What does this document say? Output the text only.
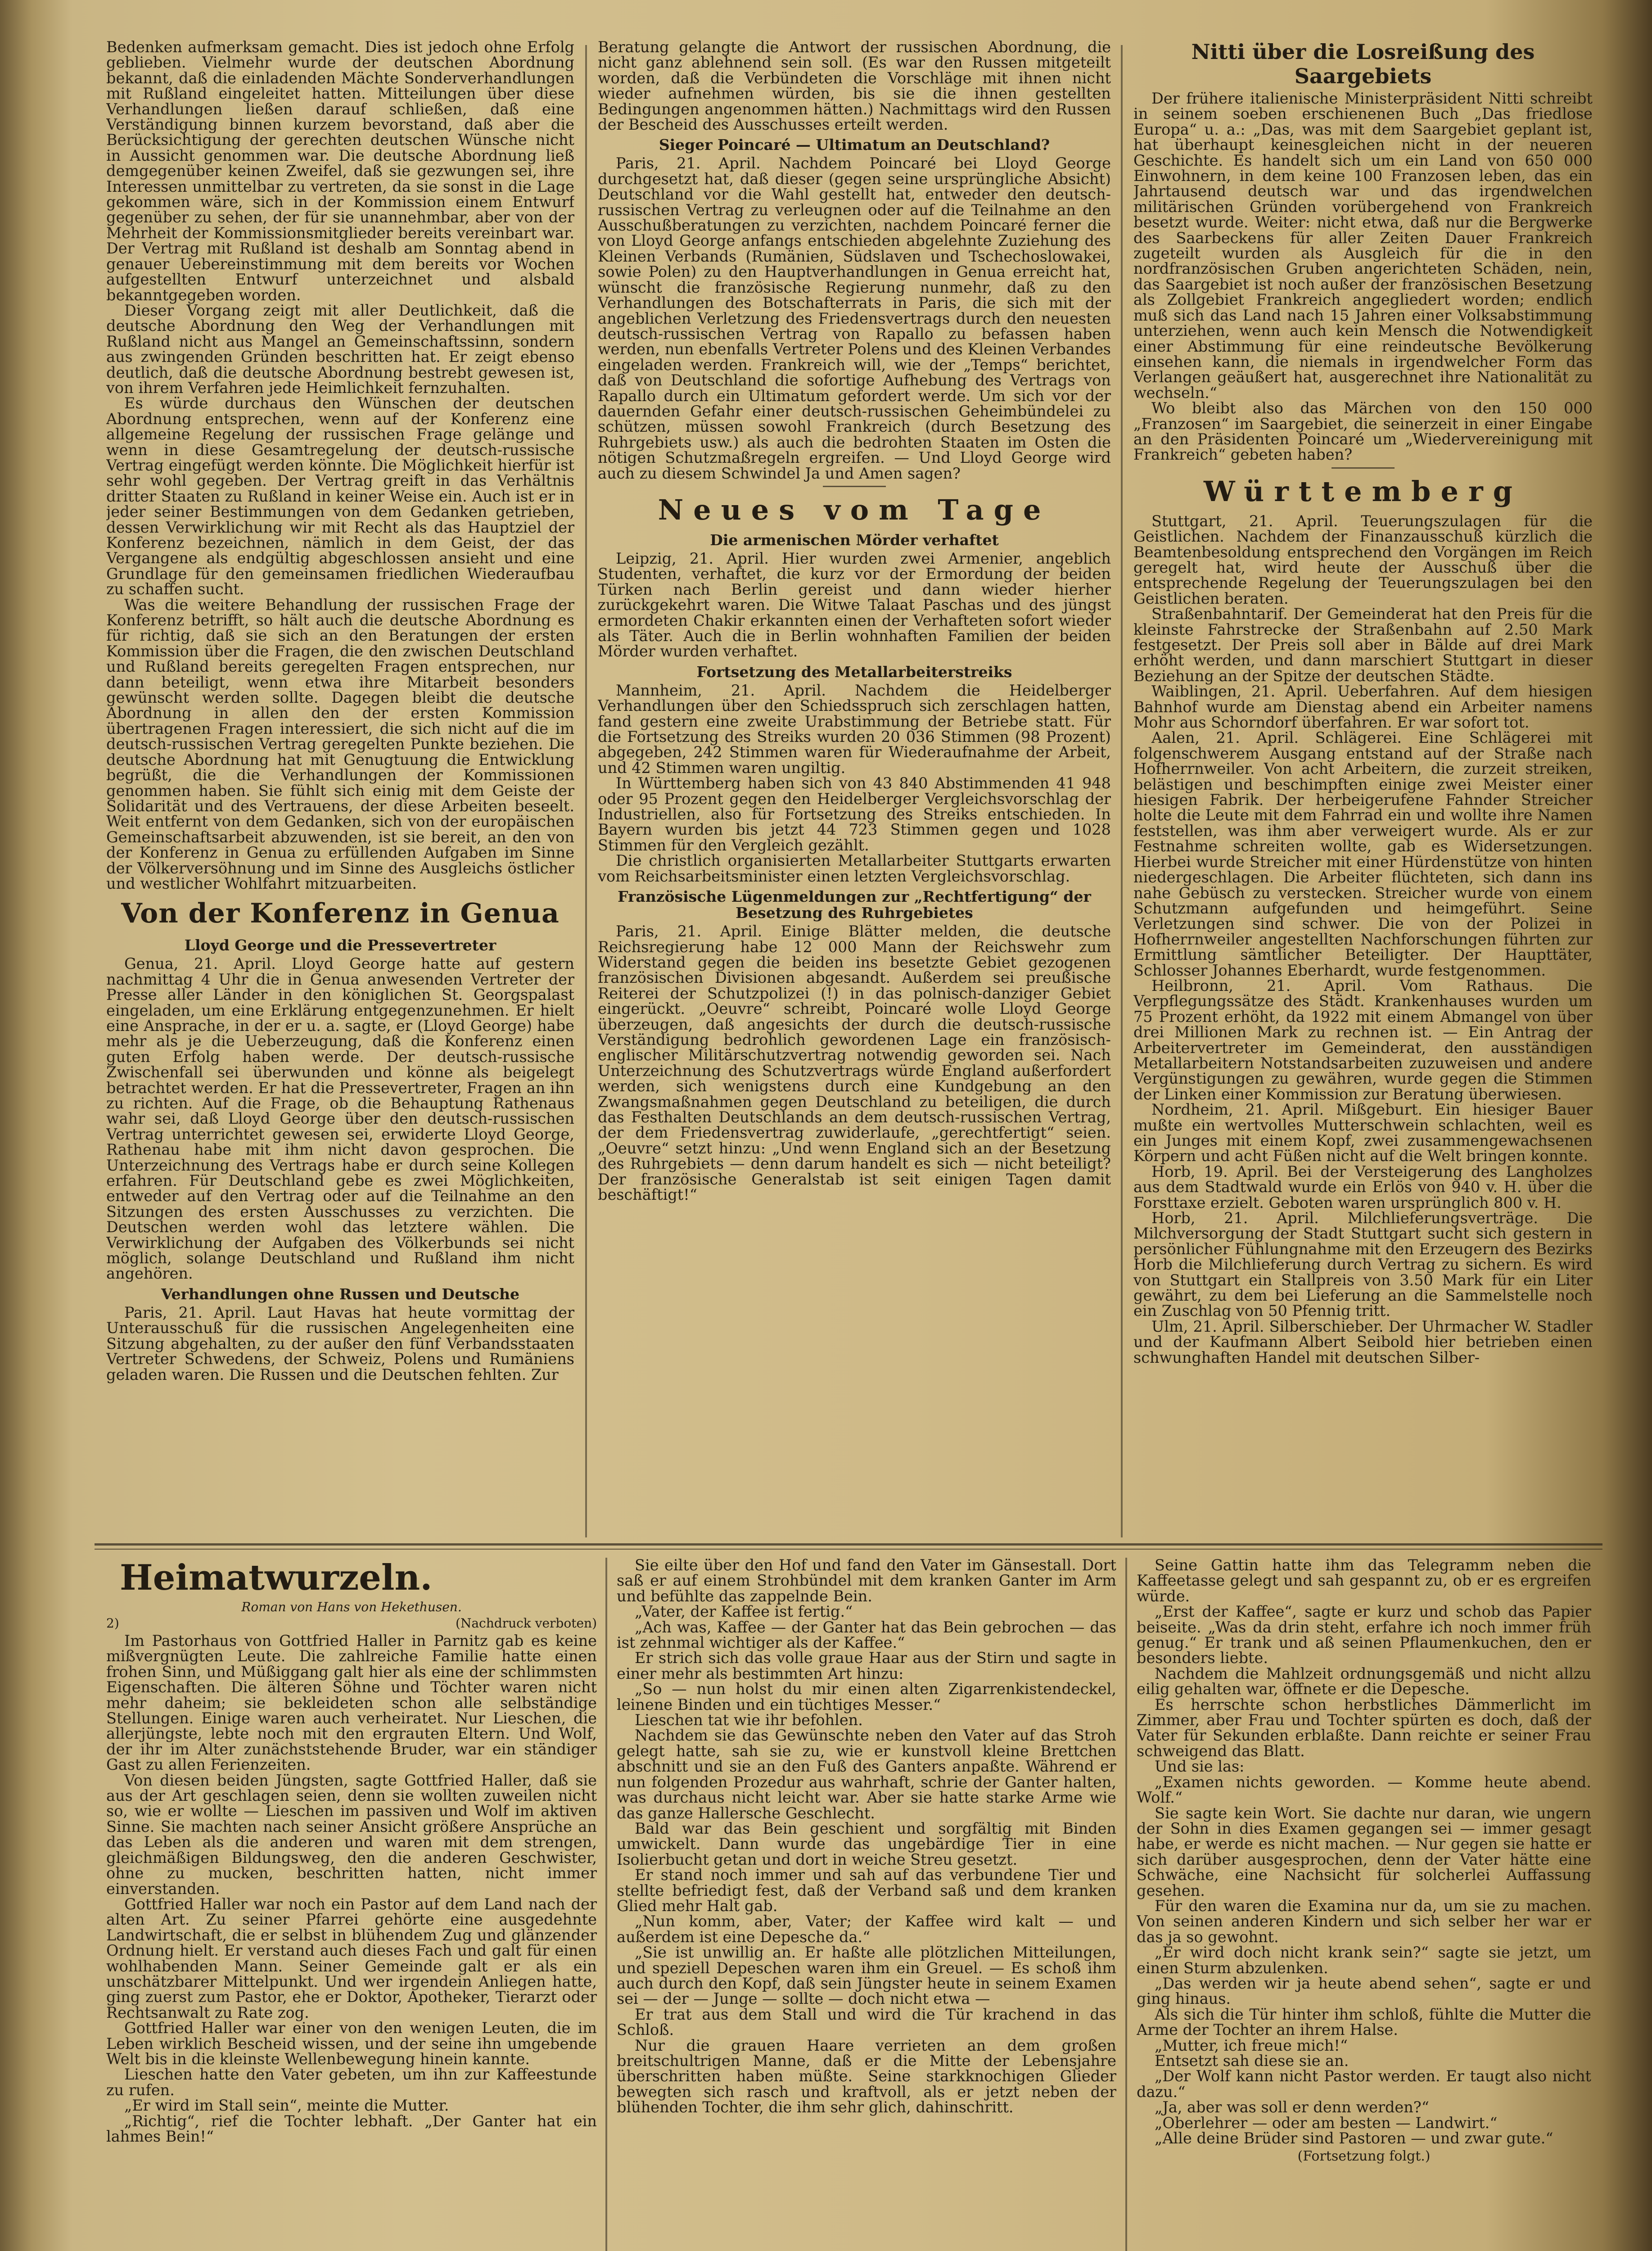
Bedenken aufmerksam gemacht. Dies ist jedoch ohne Erfolg geblieben. Vielmehr wurde der deutschen Abordnung bekannt, daß die einladenden Mächte Sonderverhandlungen mit Rußland eingeleitet hatten. Mitteilungen über diese Verhandlungen ließen darauf schließen, daß eine Verständigung binnen kurzem bevorstand, daß aber die Berücksichtigung der gerechten deutschen Wünsche nicht in Aussicht genommen war. Die deutsche Abordnung ließ demgegenüber keinen Zweifel, daß sie gezwungen sei, ihre Interessen unmittelbar zu vertreten, da sie sonst in die Lage gekommen wäre, sich in der Kommission einem Entwurf gegenüber zu sehen, der für sie unannehmbar, aber von der Mehrheit der Kommissionsmitglieder bereits vereinbart war. Der Vertrag mit Rußland ist deshalb am Sonntag abend in genauer Uebereinstimmung mit dem bereits vor Wochen aufgestellten Entwurf unterzeichnet und alsbald bekanntgegeben worden.

Dieser Vorgang zeigt mit aller Deutlichkeit, daß die deutsche Abordnung den Weg der Verhandlungen mit Rußland nicht aus Mangel an Gemeinschaftssinn, sondern aus zwingenden Gründen beschritten hat. Er zeigt ebenso deutlich, daß die deutsche Abordnung bestrebt gewesen ist, von ihrem Verfahren jede Heimlichkeit fernzuhalten.

Es würde durchaus den Wünschen der deutschen Abordnung entsprechen, wenn auf der Konferenz eine allgemeine Regelung der russischen Frage gelänge und wenn in diese Gesamtregelung der deutsch-russische Vertrag eingefügt werden könnte. Die Möglichkeit hierfür ist sehr wohl gegeben. Der Vertrag greift in das Verhältnis dritter Staaten zu Rußland in keiner Weise ein. Auch ist er in jeder seiner Bestimmungen von dem Gedanken getrieben, dessen Verwirklichung wir mit Recht als das Hauptziel der Konferenz bezeichnen, nämlich in dem Geist, der das Vergangene als endgültig abgeschlossen ansieht und eine Grundlage für den gemeinsamen friedlichen Wiederaufbau zu schaffen sucht.

Was die weitere Behandlung der russischen Frage der Konferenz betrifft, so hält auch die deutsche Abordnung es für richtig, daß sie sich an den Beratungen der ersten Kommission über die Fragen, die den zwischen Deutschland und Rußland bereits geregelten Fragen entsprechen, nur dann beteiligt, wenn etwa ihre Mitarbeit besonders gewünscht werden sollte. Dagegen bleibt die deutsche Abordnung in allen den der ersten Kommission übertragenen Fragen interessiert, die sich nicht auf die im deutsch-russischen Vertrag geregelten Punkte beziehen. Die deutsche Abordnung hat mit Genugtuung die Entwicklung begrüßt, die die Verhandlungen der Kommissionen genommen haben. Sie fühlt sich einig mit dem Geiste der Solidarität und des Vertrauens, der diese Arbeiten beseelt. Weit entfernt von dem Gedanken, sich von der europäischen Gemeinschaftsarbeit abzuwenden, ist sie bereit, an den von der Konferenz in Genua zu erfüllenden Aufgaben im Sinne der Völkerversöhnung und im Sinne des Ausgleichs östlicher und westlicher Wohlfahrt mitzuarbeiten.

Von der Konferenz in Genua
Lloyd George und die Pressevertreter

Genua, 21. April. Lloyd George hatte auf gestern nachmittag 4 Uhr die in Genua anwesenden Vertreter der Presse aller Länder in den königlichen St. Georgspalast eingeladen, um eine Erklärung entgegenzunehmen. Er hielt eine Ansprache, in der er u. a. sagte, er (Lloyd George) habe mehr als je die Ueberzeugung, daß die Konferenz einen guten Erfolg haben werde. Der deutsch-russische Zwischenfall sei überwunden und könne als beigelegt betrachtet werden. Er hat die Pressevertreter, Fragen an ihn zu richten. Auf die Frage, ob die Behauptung Rathenaus wahr sei, daß Lloyd George über den deutsch-russischen Vertrag unterrichtet gewesen sei, erwiderte Lloyd George, Rathenau habe mit ihm nicht davon gesprochen. Die Unterzeichnung des Vertrags habe er durch seine Kollegen erfahren. Für Deutschland gebe es zwei Möglichkeiten, entweder auf den Vertrag oder auf die Teilnahme an den Sitzungen des ersten Ausschusses zu verzichten. Die Deutschen werden wohl das letztere wählen. Die Verwirklichung der Aufgaben des Völkerbunds sei nicht möglich, solange Deutschland und Rußland ihm nicht angehören.

Verhandlungen ohne Russen und Deutsche

Paris, 21. April. Laut Havas hat heute vormittag der Unterausschuß für die russischen Angelegenheiten eine Sitzung abgehalten, zu der außer den fünf Verbandsstaaten Vertreter Schwedens, der Schweiz, Polens und Rumäniens geladen waren. Die Russen und die Deutschen fehlten. Zur

Beratung gelangte die Antwort der russischen Abordnung, die nicht ganz ablehnend sein soll. (Es war den Russen mitgeteilt worden, daß die Verbündeten die Vorschläge mit ihnen nicht wieder aufnehmen würden, bis sie die ihnen gestellten Bedingungen angenommen hätten.) Nachmittags wird den Russen der Bescheid des Ausschusses erteilt werden.

Sieger Poincaré — Ultimatum an Deutschland?

Paris, 21. April. Nachdem Poincaré bei Lloyd George durchgesetzt hat, daß dieser (gegen seine ursprüngliche Absicht) Deutschland vor die Wahl gestellt hat, entweder den deutsch-russischen Vertrag zu verleugnen oder auf die Teilnahme an den Ausschußberatungen zu verzichten, nachdem Poincaré ferner die von Lloyd George anfangs entschieden abgelehnte Zuziehung des Kleinen Verbands (Rumänien, Südslaven und Tschechoslowakei, sowie Polen) zu den Hauptverhandlungen in Genua erreicht hat, wünscht die französische Regierung nunmehr, daß zu den Verhandlungen des Botschafterrats in Paris, die sich mit der angeblichen Verletzung des Friedensvertrags durch den neuesten deutsch-russischen Vertrag von Rapallo zu befassen haben werden, nun ebenfalls Vertreter Polens und des Kleinen Verbandes eingeladen werden. Frankreich will, wie der „Temps“ berichtet, daß von Deutschland die sofortige Aufhebung des Vertrags von Rapallo durch ein Ultimatum gefordert werde. Um sich vor der dauernden Gefahr einer deutsch-russischen Geheimbündelei zu schützen, müssen sowohl Frankreich (durch Besetzung des Ruhrgebiets usw.) als auch die bedrohten Staaten im Osten die nötigen Schutzmaßregeln ergreifen. — Und Lloyd George wird auch zu diesem Schwindel Ja und Amen sagen?

Neues vom Tage
Die armenischen Mörder verhaftet

Leipzig, 21. April. Hier wurden zwei Armenier, angeblich Studenten, verhaftet, die kurz vor der Ermordung der beiden Türken nach Berlin gereist und dann wieder hierher zurückgekehrt waren. Die Witwe Talaat Paschas und des jüngst ermordeten Chakir erkannten einen der Verhafteten sofort wieder als Täter. Auch die in Berlin wohnhaften Familien der beiden Mörder wurden verhaftet.

Fortsetzung des Metallarbeiterstreiks

Mannheim, 21. April. Nachdem die Heidelberger Verhandlungen über den Schiedsspruch sich zerschlagen hatten, fand gestern eine zweite Urabstimmung der Betriebe statt. Für die Fortsetzung des Streiks wurden 20 036 Stimmen (98 Prozent) abgegeben, 242 Stimmen waren für Wiederaufnahme der Arbeit, und 42 Stimmen waren ungiltig.

In Württemberg haben sich von 43 840 Abstimmenden 41 948 oder 95 Prozent gegen den Heidelberger Vergleichsvorschlag der Industriellen, also für Fortsetzung des Streiks entschieden. In Bayern wurden bis jetzt 44 723 Stimmen gegen und 1028 Stimmen für den Vergleich gezählt.

Die christlich organisierten Metallarbeiter Stuttgarts erwarten vom Reichsarbeitsminister einen letzten Vergleichsvorschlag.

Französische Lügenmeldungen zur „Rechtfertigung“ der Besetzung des Ruhrgebietes

Paris, 21. April. Einige Blätter melden, die deutsche Reichsregierung habe 12 000 Mann der Reichswehr zum Widerstand gegen die beiden ins besetzte Gebiet gezogenen französischen Divisionen abgesandt. Außerdem sei preußische Reiterei der Schutzpolizei (!) in das polnisch-danziger Gebiet eingerückt. „Oeuvre“ schreibt, Poincaré wolle Lloyd George überzeugen, daß angesichts der durch die deutsch-russische Verständigung bedrohlich gewordenen Lage ein französisch-englischer Militärschutzvertrag notwendig geworden sei. Nach Unterzeichnung des Schutzvertrags würde England außerfordert werden, sich wenigstens durch eine Kundgebung an den Zwangsmaßnahmen gegen Deutschland zu beteiligen, die durch das Festhalten Deutschlands an dem deutsch-russischen Vertrag, der dem Friedensvertrag zuwiderlaufe, „gerechtfertigt“ seien. „Oeuvre“ setzt hinzu: „Und wenn England sich an der Besetzung des Ruhrgebiets — denn darum handelt es sich — nicht beteiligt? Der französische Generalstab ist seit einigen Tagen damit beschäftigt!“

Nitti über die Losreißung des Saargebiets

Der frühere italienische Ministerpräsident Nitti schreibt in seinem soeben erschienenen Buch „Das friedlose Europa“ u. a.: „Das, was mit dem Saargebiet geplant ist, hat überhaupt keinesgleichen nicht in der neueren Geschichte. Es handelt sich um ein Land von 650 000 Einwohnern, in dem keine 100 Franzosen leben, das ein Jahrtausend deutsch war und das irgendwelchen militärischen Gründen vorübergehend von Frankreich besetzt wurde. Weiter: nicht etwa, daß nur die Bergwerke des Saarbeckens für aller Zeiten Dauer Frankreich zugeteilt wurden als Ausgleich für die in den nordfranzösischen Gruben angerichteten Schäden, nein, das Saargebiet ist noch außer der französischen Besetzung als Zollgebiet Frankreich angegliedert worden; endlich muß sich das Land nach 15 Jahren einer Volksabstimmung unterziehen, wenn auch kein Mensch die Notwendigkeit einer Abstimmung für eine reindeutsche Bevölkerung einsehen kann, die niemals in irgendwelcher Form das Verlangen geäußert hat, ausgerechnet ihre Nationalität zu wechseln.“

Wo bleibt also das Märchen von den 150 000 „Franzosen“ im Saargebiet, die seinerzeit in einer Eingabe an den Präsidenten Poincaré um „Wiedervereinigung mit Frankreich“ gebeten haben?

Württemberg

Stuttgart, 21. April. Teuerungszulagen für die Geistlichen. Nachdem der Finanzausschuß kürzlich die Beamtenbesoldung entsprechend den Vorgängen im Reich geregelt hat, wird heute der Ausschuß über die entsprechende Regelung der Teuerungszulagen bei den Geistlichen beraten.

Straßenbahntarif. Der Gemeinderat hat den Preis für die kleinste Fahrstrecke der Straßenbahn auf 2.50 Mark festgesetzt. Der Preis soll aber in Bälde auf drei Mark erhöht werden, und dann marschiert Stuttgart in dieser Beziehung an der Spitze der deutschen Städte.

Waiblingen, 21. April. Ueberfahren. Auf dem hiesigen Bahnhof wurde am Dienstag abend ein Arbeiter namens Mohr aus Schorndorf überfahren. Er war sofort tot.

Aalen, 21. April. Schlägerei. Eine Schlägerei mit folgenschwerem Ausgang entstand auf der Straße nach Hofherrnweiler. Von acht Arbeitern, die zurzeit streiken, belästigen und beschimpften einige zwei Meister einer hiesigen Fabrik. Der herbeigerufene Fahnder Streicher holte die Leute mit dem Fahrrad ein und wollte ihre Namen feststellen, was ihm aber verweigert wurde. Als er zur Festnahme schreiten wollte, gab es Widersetzungen. Hierbei wurde Streicher mit einer Hürdenstütze von hinten niedergeschlagen. Die Arbeiter flüchteten, sich dann ins nahe Gebüsch zu verstecken. Streicher wurde von einem Schutzmann aufgefunden und heimgeführt. Seine Verletzungen sind schwer. Die von der Polizei in Hofherrnweiler angestellten Nachforschungen führten zur Ermittlung sämtlicher Beteiligter. Der Haupttäter, Schlosser Johannes Eberhardt, wurde festgenommen.

Heilbronn, 21. April. Vom Rathaus. Die Verpflegungssätze des Städt. Krankenhauses wurden um 75 Prozent erhöht, da 1922 mit einem Abmangel von über drei Millionen Mark zu rechnen ist. — Ein Antrag der Arbeitervertreter im Gemeinderat, den ausständigen Metallarbeitern Notstandsarbeiten zuzuweisen und andere Vergünstigungen zu gewähren, wurde gegen die Stimmen der Linken einer Kommission zur Beratung überwiesen.

Nordheim, 21. April. Mißgeburt. Ein hiesiger Bauer mußte ein wertvolles Mutterschwein schlachten, weil es ein Junges mit einem Kopf, zwei zusammengewachsenen Körpern und acht Füßen nicht auf die Welt bringen konnte.

Horb, 19. April. Bei der Versteigerung des Langholzes aus dem Stadtwald wurde ein Erlös von 940 v. H. über die Forsttaxe erzielt. Geboten waren ursprünglich 800 v. H.

Horb, 21. April. Milchlieferungsverträge. Die Milchversorgung der Stadt Stuttgart sucht sich gestern in persönlicher Fühlungnahme mit den Erzeugern des Bezirks Horb die Milchlieferung durch Vertrag zu sichern. Es wird von Stuttgart ein Stallpreis von 3.50 Mark für ein Liter gewährt, zu dem bei Lieferung an die Sammelstelle noch ein Zuschlag von 50 Pfennig tritt.

Ulm, 21. April. Silberschieber. Der Uhrmacher W. Stadler und der Kaufmann Albert Seibold hier betrieben einen schwunghaften Handel mit deutschen Silber-

Heimatwurzeln.
Roman von Hans von Hekethusen.
2)	(Nachdruck verboten)

Im Pastorhaus von Gottfried Haller in Parnitz gab es keine mißvergnügten Leute. Die zahlreiche Familie hatte einen frohen Sinn, und Müßiggang galt hier als eine der schlimmsten Eigenschaften. Die älteren Söhne und Töchter waren nicht mehr daheim; sie bekleideten schon alle selbständige Stellungen. Einige waren auch verheiratet. Nur Lieschen, die allerjüngste, lebte noch mit den ergrauten Eltern. Und Wolf, der ihr im Alter zunächststehende Bruder, war ein ständiger Gast zu allen Ferienzeiten.

Von diesen beiden Jüngsten, sagte Gottfried Haller, daß sie aus der Art geschlagen seien, denn sie wollten zuweilen nicht so, wie er wollte — Lieschen im passiven und Wolf im aktiven Sinne. Sie machten nach seiner Ansicht größere Ansprüche an das Leben als die anderen und waren mit dem strengen, gleichmäßigen Bildungsweg, den die anderen Geschwister, ohne zu mucken, beschritten hatten, nicht immer einverstanden.

Gottfried Haller war noch ein Pastor auf dem Land nach der alten Art. Zu seiner Pfarrei gehörte eine ausgedehnte Landwirtschaft, die er selbst in blühendem Zug und glänzender Ordnung hielt. Er verstand auch dieses Fach und galt für einen wohlhabenden Mann. Seiner Gemeinde galt er als ein unschätzbarer Mittelpunkt. Und wer irgendein Anliegen hatte, ging zuerst zum Pastor, ehe er Doktor, Apotheker, Tierarzt oder Rechtsanwalt zu Rate zog.

Gottfried Haller war einer von den wenigen Leuten, die im Leben wirklich Bescheid wissen, und der seine ihn umgebende Welt bis in die kleinste Wellenbewegung hinein kannte.

Lieschen hatte den Vater gebeten, um ihn zur Kaffeestunde zu rufen.

„Er wird im Stall sein“, meinte die Mutter.

„Richtig“, rief die Tochter lebhaft. „Der Ganter hat ein lahmes Bein!“

Sie eilte über den Hof und fand den Vater im Gänsestall. Dort saß er auf einem Strohbündel mit dem kranken Ganter im Arm und befühlte das zappelnde Bein.

„Vater, der Kaffee ist fertig.“

„Ach was, Kaffee — der Ganter hat das Bein gebrochen — das ist zehnmal wichtiger als der Kaffee.“

Er strich sich das volle graue Haar aus der Stirn und sagte in einer mehr als bestimmten Art hinzu:

„So — nun holst du mir einen alten Zigarrenkistendeckel, leinene Binden und ein tüchtiges Messer.“

Lieschen tat wie ihr befohlen.

Nachdem sie das Gewünschte neben den Vater auf das Stroh gelegt hatte, sah sie zu, wie er kunstvoll kleine Brettchen abschnitt und sie an den Fuß des Ganters anpaßte. Während er nun folgenden Prozedur aus wahrhaft, schrie der Ganter halten, was durchaus nicht leicht war. Aber sie hatte starke Arme wie das ganze Hallersche Geschlecht.

Bald war das Bein geschient und sorgfältig mit Binden umwickelt. Dann wurde das ungebärdige Tier in eine Isolierbucht getan und dort in weiche Streu gesetzt.

Er stand noch immer und sah auf das verbundene Tier und stellte befriedigt fest, daß der Verband saß und dem kranken Glied mehr Halt gab.

„Nun komm, aber, Vater; der Kaffee wird kalt — und außerdem ist eine Depesche da.“

„Sie ist unwillig an. Er haßte alle plötzlichen Mitteilungen, und speziell Depeschen waren ihm ein Greuel. — Es schoß ihm auch durch den Kopf, daß sein Jüngster heute in seinem Examen sei — der — Junge — sollte — doch nicht etwa —

Er trat aus dem Stall und wird die Tür krachend in das Schloß.

Nur die grauen Haare verrieten an dem großen breitschultrigen Manne, daß er die Mitte der Lebensjahre überschritten haben müßte. Seine starkknochigen Glieder bewegten sich rasch und kraftvoll, als er jetzt neben der blühenden Tochter, die ihm sehr glich, dahinschritt.

Seine Gattin hatte ihm das Telegramm neben die Kaffeetasse gelegt und sah gespannt zu, ob er es ergreifen würde.

„Erst der Kaffee“, sagte er kurz und schob das Papier beiseite. „Was da drin steht, erfahre ich noch immer früh genug.“ Er trank und aß seinen Pflaumenkuchen, den er besonders liebte.

Nachdem die Mahlzeit ordnungsgemäß und nicht allzu eilig gehalten war, öffnete er die Depesche.

Es herrschte schon herbstliches Dämmerlicht im Zimmer, aber Frau und Tochter spürten es doch, daß der Vater für Sekunden erblaßte. Dann reichte er seiner Frau schweigend das Blatt.

Und sie las:

„Examen nichts geworden. — Komme heute abend. Wolf.“

Sie sagte kein Wort. Sie dachte nur daran, wie ungern der Sohn in dies Examen gegangen sei — immer gesagt habe, er werde es nicht machen. — Nur gegen sie hatte er sich darüber ausgesprochen, denn der Vater hätte eine Schwäche, eine Nachsicht für solcherlei Auffassung gesehen.

Für den waren die Examina nur da, um sie zu machen. Von seinen anderen Kindern und sich selber her war er das ja so gewohnt.

„Er wird doch nicht krank sein?“ sagte sie jetzt, um einen Sturm abzulenken.

„Das werden wir ja heute abend sehen“, sagte er und ging hinaus.

Als sich die Tür hinter ihm schloß, fühlte die Mutter die Arme der Tochter an ihrem Halse.

„Mutter, ich freue mich!“

Entsetzt sah diese sie an.

„Der Wolf kann nicht Pastor werden. Er taugt also nicht dazu.“

„Ja, aber was soll er denn werden?“

„Oberlehrer — oder am besten — Landwirt.“

„Alle deine Brüder sind Pastoren — und zwar gute.“

(Fortsetzung folgt.)
